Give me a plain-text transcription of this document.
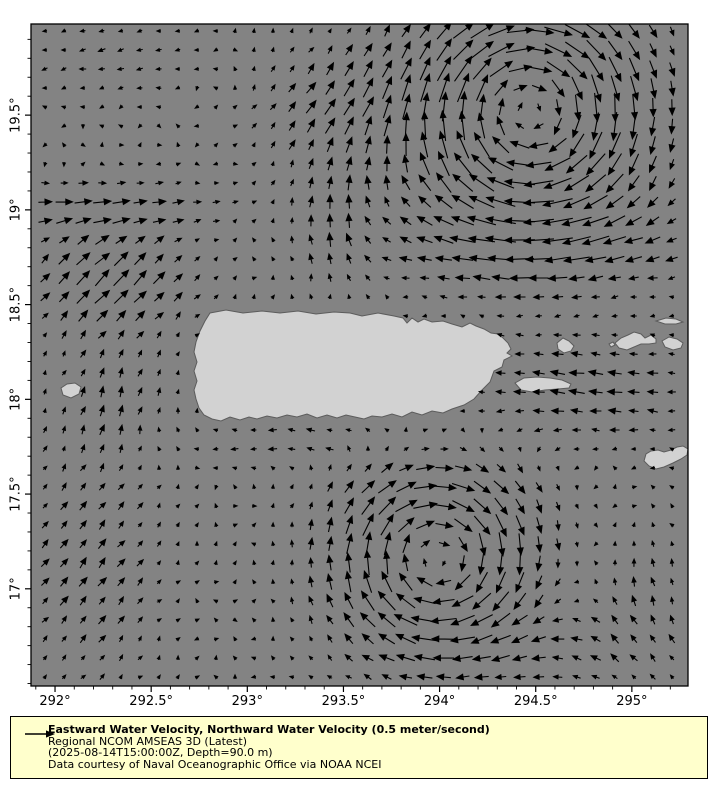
292°	292.5°	293°	293.5°	294°	294.5°	295°
19.5°
19°
18.5°
18°
17.5°
17°
Eastward Water Velocity, Northward Water Velocity (0.5 meter/second)
Regional NCOM AMSEAS 3D (Latest)
(2025-08-14T15:00:00Z, Depth=90.0 m)
Data courtesy of Naval Oceanographic Office via NOAA NCEI
